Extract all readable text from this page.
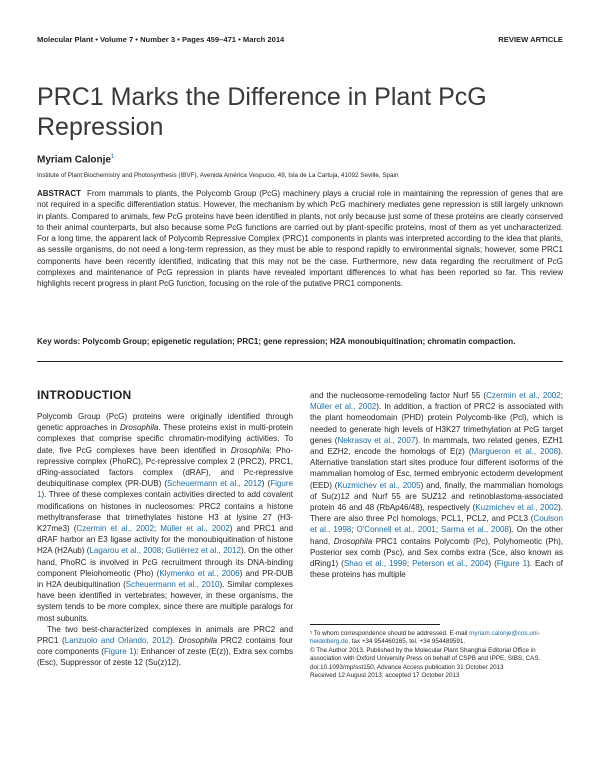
Molecular Plant • Volume 7 • Number 3 • Pages 459–471 • March 2014	REVIEW ARTICLE
PRC1 Marks the Difference in Plant PcG Repression
Myriam Calonje$^1$
Institute of Plant Biochemistry and Photosynthesis (IBVF), Avenida América Vespucio, 49, Isla de La Cartuja, 41092 Seville, Spain
ABSTRACT From mammals to plants, the Polycomb Group (PcG) machinery plays a crucial role in maintaining the repression of genes that are not required in a specific differentiation status. However, the mechanism by which PcG machinery mediates gene repression is still largely unknown in plants. Compared to animals, few PcG proteins have been identified in plants, not only because just some of these proteins are clearly conserved to their animal counterparts, but also because some PcG functions are carried out by plant-specific proteins, most of them as yet uncharacterized. For a long time, the apparent lack of Polycomb Repressive Complex (PRC)1 components in plants was interpreted according to the idea that plants, as sessile organisms, do not need a long-term repression, as they must be able to respond rapidly to environmental signals; however, some PRC1 components have been recently identified, indicating that this may not be the case. Furthermore, new data regarding the recruitment of PcG complexes and maintenance of PcG repression in plants have revealed important differences to what has been reported so far. This review highlights recent progress in plant PcG function, focusing on the role of the putative PRC1 components.
Key words: Polycomb Group; epigenetic regulation; PRC1; gene repression; H2A monoubiquitination; chromatin compaction.
INTRODUCTION

Polycomb Group (PcG) proteins were originally identified through genetic approaches in Drosophila. These proteins exist in multi-protein complexes that comprise specific chromatin-modifying activities. To date, five PcG complexes have been identified in Drosophila: Pho-repressive complex (PhoRC), Pc-repressive complex 2 (PRC2), PRC1, dRing-associated factors complex (dRAF), and Pc-repressive deubiquitinase complex (PR-DUB) (Scheuermann et al., 2012) (Figure 1). Three of these complexes contain activities directed to add covalent modifications on histones in nucleosomes: PRC2 contains a histone methyltransferase that trimethylates histone H3 at lysine 27 (H3-K27me3) (Czermin et al., 2002; Müller et al., 2002) and PRC1 and dRAF harbor an E3 ligase activity for the monoubiquitination of histone H2A (H2Aub) (Lagarou et al., 2008; Gutiérrez et al., 2012). On the other hand, PhoRC is involved in PcG recruitment through its DNA-binding component Pleiohomeotic (Pho) (Klymenko et al., 2006) and PR-DUB in H2A deubiquitination (Scheuermann et al., 2010). Similar complexes have been identified in vertebrates; however, in these organisms, the system tends to be more complex, since there are multiple paralogs for most subunits.

The two best-characterized complexes in animals are PRC2 and PRC1 (Lanzuolo and Orlando, 2012). Drosophila PRC2 contains four core components (Figure 1): Enhancer of zeste (E(z)), Extra sex combs (Esc), Suppressor of zeste 12 (Su(z)12),

and the nucleosome-remodeling factor Nurf 55 (Czermin et al., 2002; Müller et al., 2002). In addition, a fraction of PRC2 is associated with the plant homeodomain (PHD) protein Polycomb-like (Pcl), which is needed to generate high levels of H3K27 trimethylation at PcG target genes (Nekrasov et al., 2007). In mammals, two related genes, EZH1 and EZH2, encode the homologs of E(z) (Margueron et al., 2008). Alternative translation start sites produce four different isoforms of the mammalian homolog of Esc, termed embryonic ectoderm development (EED) (Kuzmichev et al., 2005) and, finally, the mammalian homologs of Su(z)12 and Nurf 55 are SUZ12 and retinoblastoma-associated protein 46 and 48 (RbAp46/48), respectively (Kuzmichev et al., 2002). There are also three Pcl homologs, PCL1, PCL2, and PCL3 (Coulson et al., 1998; O'Connell et al., 2001; Sarma et al., 2008). On the other hand, Drosophila PRC1 contains Polycomb (Pc), Polyhomeotic (Ph), Posterior sex comb (Psc), and Sex combs extra (Sce, also known as dRing1) (Shao et al., 1999; Peterson et al., 2004) (Figure 1). Each of these proteins has multiple

¹ To whom correspondence should be addressed. E-mail myriam.calonje@cos.uni-heidelberg.de, fax +34 954460165, tel. +34 954489591.

© The Author 2013. Published by the Molecular Plant Shanghai Editorial Office in association with Oxford University Press on behalf of CSPB and IPPE, SIBS, CAS.

doi:10.1093/mp/sst150, Advance Access publication 31 October 2013

Received 12 August 2013; accepted 17 October 2013
